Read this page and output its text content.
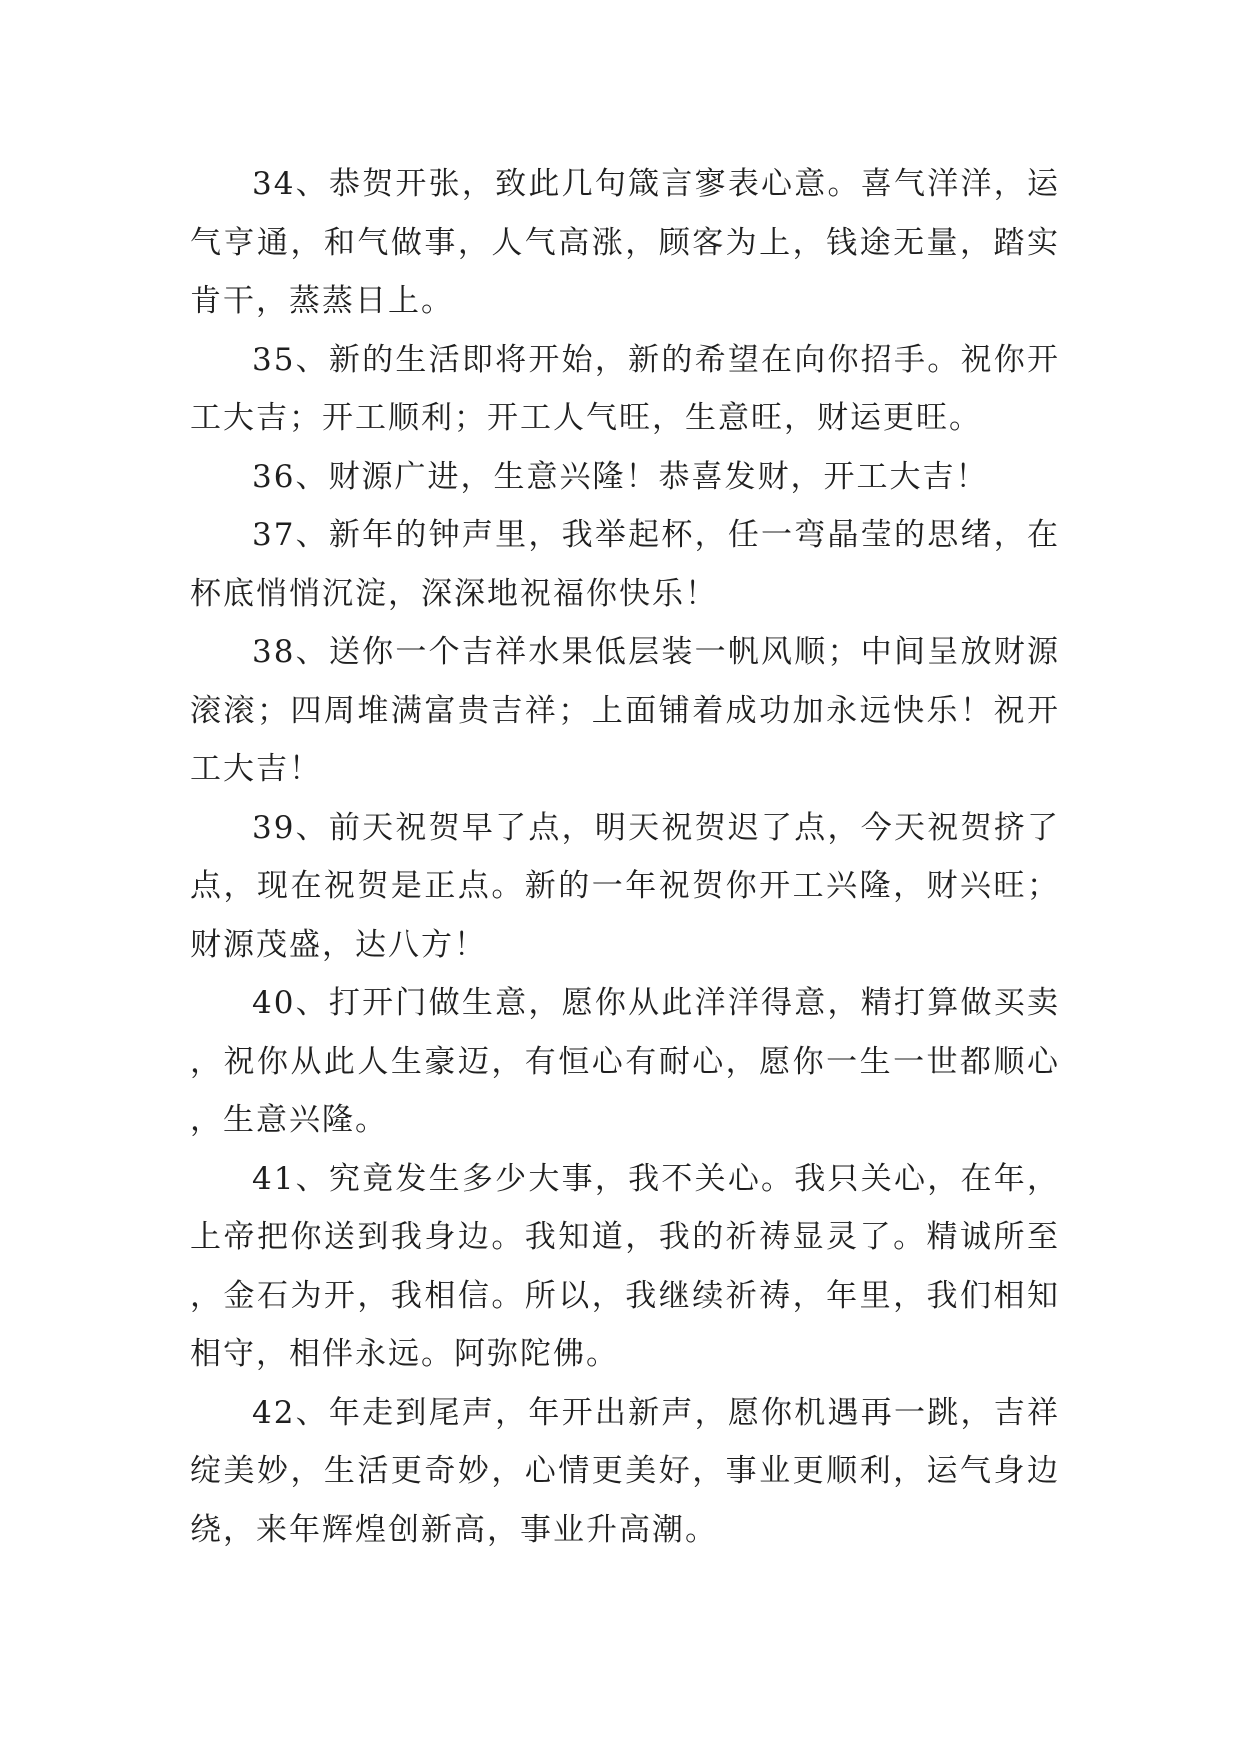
34、恭贺开张，致此几句箴言寥表心意。喜气洋洋，运气亨通，和气做事，人气高涨，顾客为上，钱途无量，踏实肯干，蒸蒸日上。

35、新的生活即将开始，新的希望在向你招手。祝你开工大吉；开工顺利；开工人气旺，生意旺，财运更旺。

36、财源广进，生意兴隆！恭喜发财，开工大吉！

37、新年的钟声里，我举起杯，任一弯晶莹的思绪，在杯底悄悄沉淀，深深地祝福你快乐！

38、送你一个吉祥水果低层装一帆风顺；中间呈放财源滚滚；四周堆满富贵吉祥；上面铺着成功加永远快乐！祝开工大吉！

39、前天祝贺早了点，明天祝贺迟了点，今天祝贺挤了点，现在祝贺是正点。新的一年祝贺你开工兴隆，财兴旺；财源茂盛，达八方！

40、打开门做生意，愿你从此洋洋得意，精打算做买卖，祝你从此人生豪迈，有恒心有耐心，愿你一生一世都顺心，生意兴隆。

41、究竟发生多少大事，我不关心。我只关心，在年，上帝把你送到我身边。我知道，我的祈祷显灵了。精诚所至，金石为开，我相信。所以，我继续祈祷，年里，我们相知相守，相伴永远。阿弥陀佛。

42、年走到尾声，年开出新声，愿你机遇再一跳，吉祥绽美妙，生活更奇妙，心情更美好，事业更顺利，运气身边绕，来年辉煌创新高，事业升高潮。
